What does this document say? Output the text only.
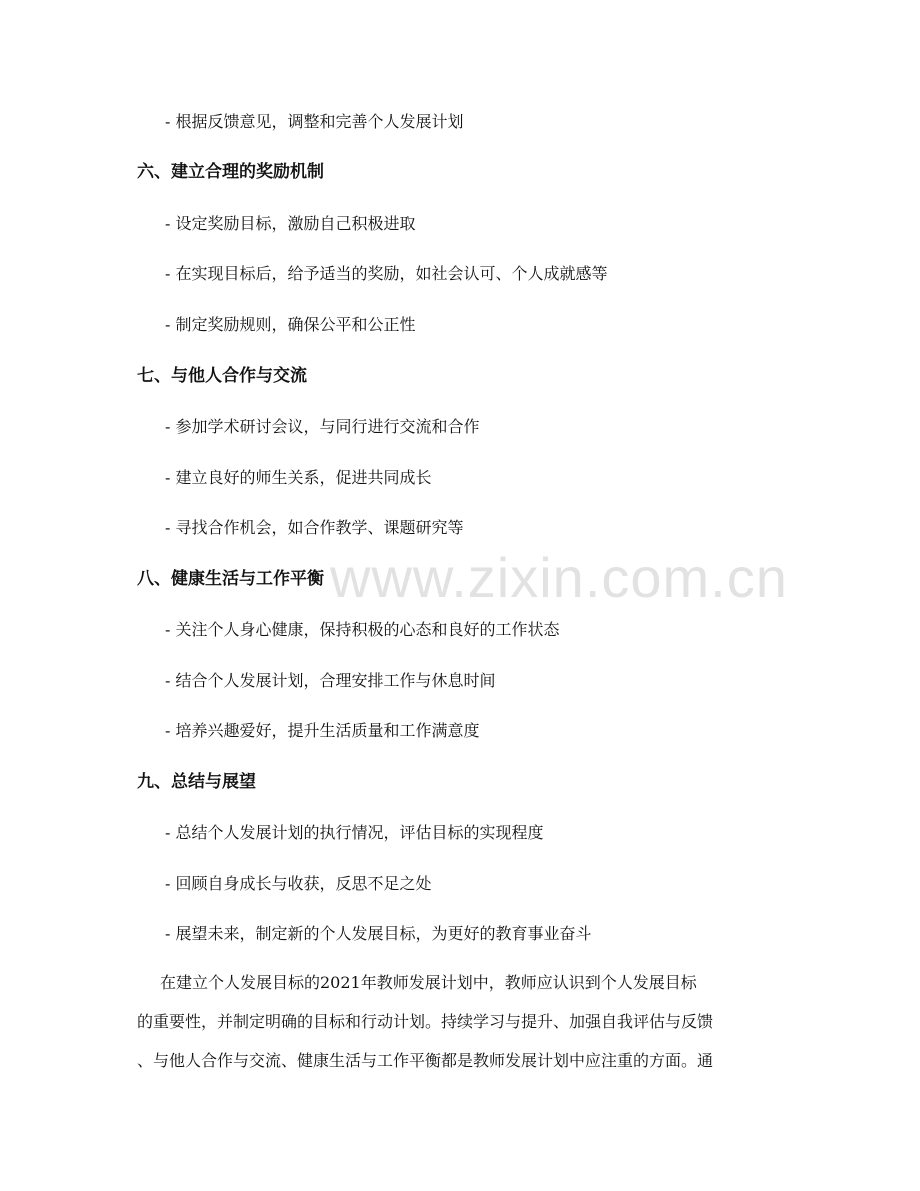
www.zixin.com.cn
- 根据反馈意见，调整和完善个人发展计划
六、建立合理的奖励机制
- 设定奖励目标，激励自己积极进取
- 在实现目标后，给予适当的奖励，如社会认可、个人成就感等
- 制定奖励规则，确保公平和公正性
七、与他人合作与交流
- 参加学术研讨会议，与同行进行交流和合作
- 建立良好的师生关系，促进共同成长
- 寻找合作机会，如合作教学、课题研究等
八、健康生活与工作平衡
- 关注个人身心健康，保持积极的心态和良好的工作状态
- 结合个人发展计划，合理安排工作与休息时间
- 培养兴趣爱好，提升生活质量和工作满意度
九、总结与展望
- 总结个人发展计划的执行情况，评估目标的实现程度
- 回顾自身成长与收获，反思不足之处
- 展望未来，制定新的个人发展目标，为更好的教育事业奋斗
在建立个人发展目标的2021年教师发展计划中，教师应认识到个人发展目标
的重要性，并制定明确的目标和行动计划。持续学习与提升、加强自我评估与反馈
、与他人合作与交流、健康生活与工作平衡都是教师发展计划中应注重的方面。通
